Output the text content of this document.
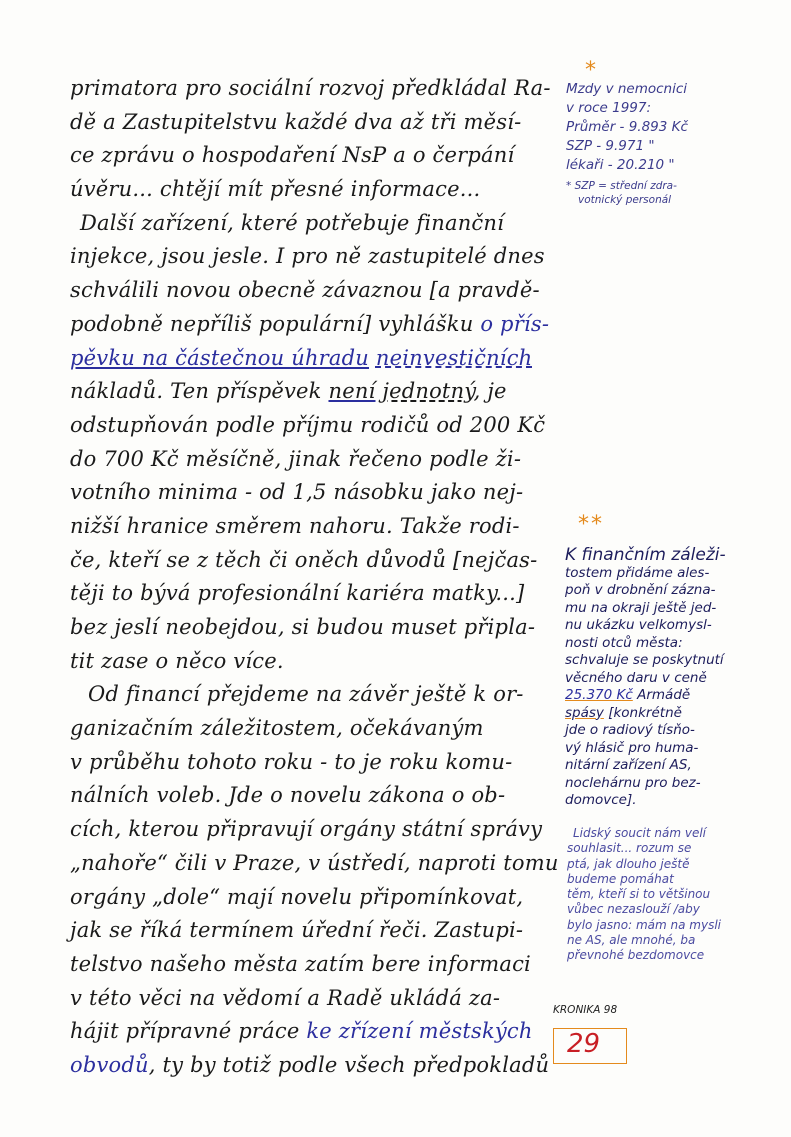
primatora pro sociální rozvoj předkládal Ra-
dě a Zastupitelstvu každé dva až tři měsí-
ce zprávu o hospodaření NsP a o čerpání
úvěru... chtějí mít přesné informace...
Další zařízení, které potřebuje finanční
injekce, jsou jesle. I pro ně zastupitelé dnes
schválili novou obecně závaznou [a pravdě-
podobně nepříliš populární] vyhlášku o přís-
pěvku na částečnou úhradu neinvestičních
nákladů. Ten příspěvek není jednotný, je
odstupňován podle příjmu rodičů od 200 Kč
do 700 Kč měsíčně, jinak řečeno podle ži-
votního minima - od 1,5 násobku jako nej-
nižší hranice směrem nahoru. Takže rodi-
če, kteří se z těch či oněch důvodů [nejčas-
těji to bývá profesionální kariéra matky...]
bez jeslí neobejdou, si budou muset připla-
tit zase o něco více.
Od financí přejdeme na závěr ještě k or-
ganizačním záležitostem, očekávaným
v průběhu tohoto roku - to je roku komu-
nálních voleb. Jde o novelu zákona o ob-
cích, kterou připravují orgány státní správy
„nahoře“ čili v Praze, v ústředí, naproti tomu
orgány „dole“ mají novelu připomínkovat,
jak se říká termínem úřední řeči. Zastupi-
telstvo našeho města zatím bere informaci
v této věci na vědomí a Radě ukládá za-
hájit přípravné práce ke zřízení městských
obvodů, ty by totiž podle všech předpokladů
*
Mzdy v nemocnici
v roce 1997:
Průměr - 9.893 Kč
SZP - 9.971 "
lékaři - 20.210 "
* SZP = střední zdra-
votnický personál
**
K finančním záleži-
tostem přidáme ales-
poň v drobnění zázna-
mu na okraji ještě jed-
nu ukázku velkomysl-
nosti otců města:
schvaluje se poskytnutí
věcného daru v ceně
25.370 Kč Armádě
spásy [konkrétně
jde o radiový tísňo-
vý hlásič pro huma-
nitární zařízení AS,
noclehárnu pro bez-
domovce].
Lidský soucit nám velí
souhlasit... rozum se
ptá, jak dlouho ještě
budeme pomáhat
těm, kteří si to většinou
vůbec nezaslouží /aby
bylo jasno: mám na mysli
ne AS, ale mnohé, ba
převnohé bezdomovce
KRONIKA 98
29
